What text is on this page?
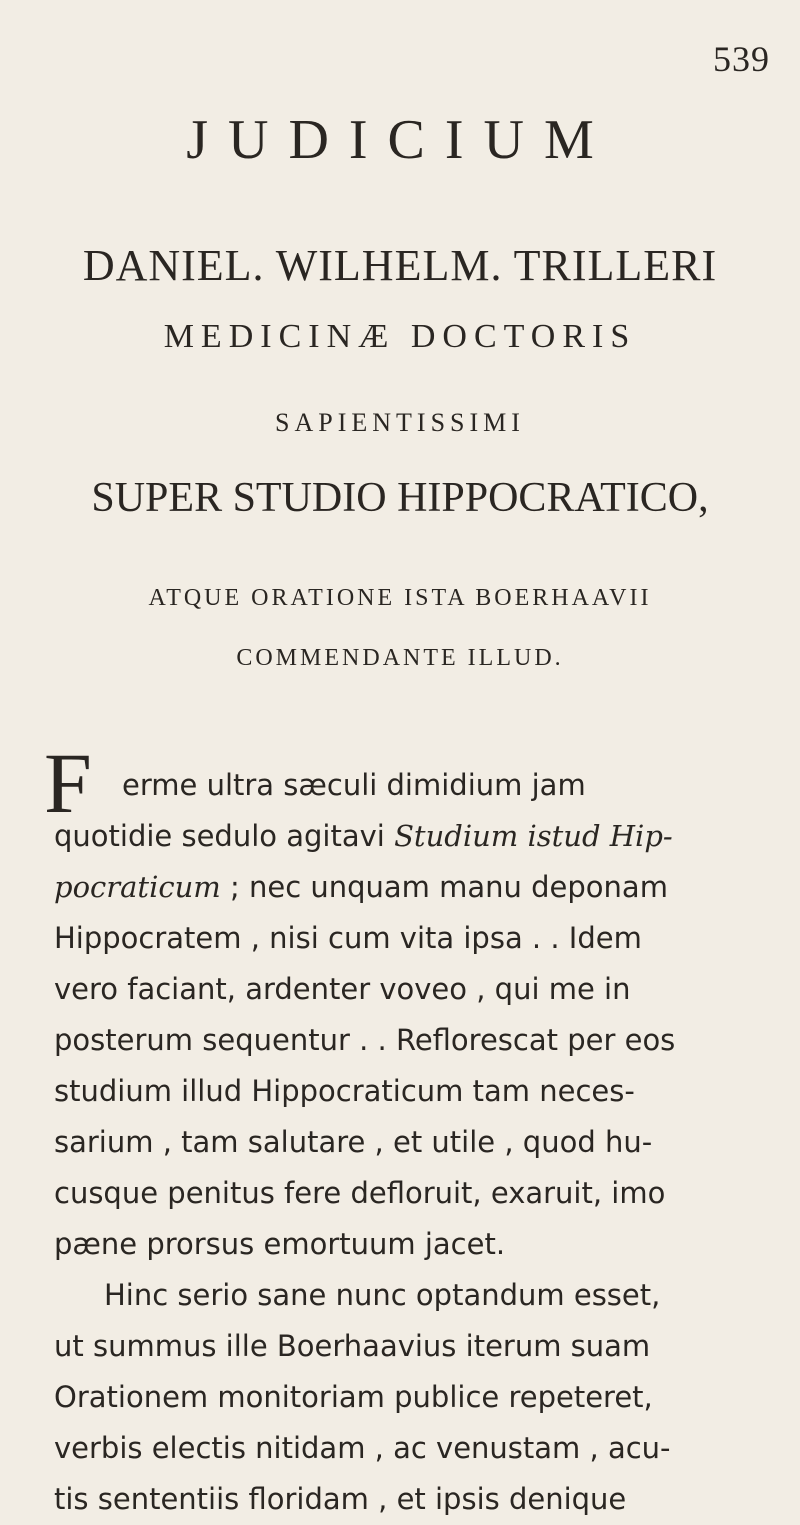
539
JUDICIUM
DANIEL. WILHELM. TRILLERI
MEDICINÆ DOCTORIS
SAPIENTISSIMI
SUPER STUDIO HIPPOCRATICO,
ATQUE ORATIONE ISTA BOERHAAVII
COMMENDANTE ILLUD.
F erme ultra sæculi dimidium jam
quotidie sedulo agitavi Studium istud Hip-
pocraticum ; nec unquam manu deponam
Hippocratem , nisi cum vita ipsa . . Idem
vero faciant, ardenter voveo , qui me in
posterum sequentur . . Reflorescat per eos
studium illud Hippocraticum tam neces-
sarium , tam salutare , et utile , quod hu-
cusque penitus fere defloruit, exaruit, imo
pæne prorsus emortuum jacet.
Hinc serio sane nunc optandum esset,
ut summus ille Boerhaavius iterum suam
Orationem monitoriam publice repeteret,
verbis electis nitidam , ac venustam , acu-
tis sententiis floridam , et ipsis denique
